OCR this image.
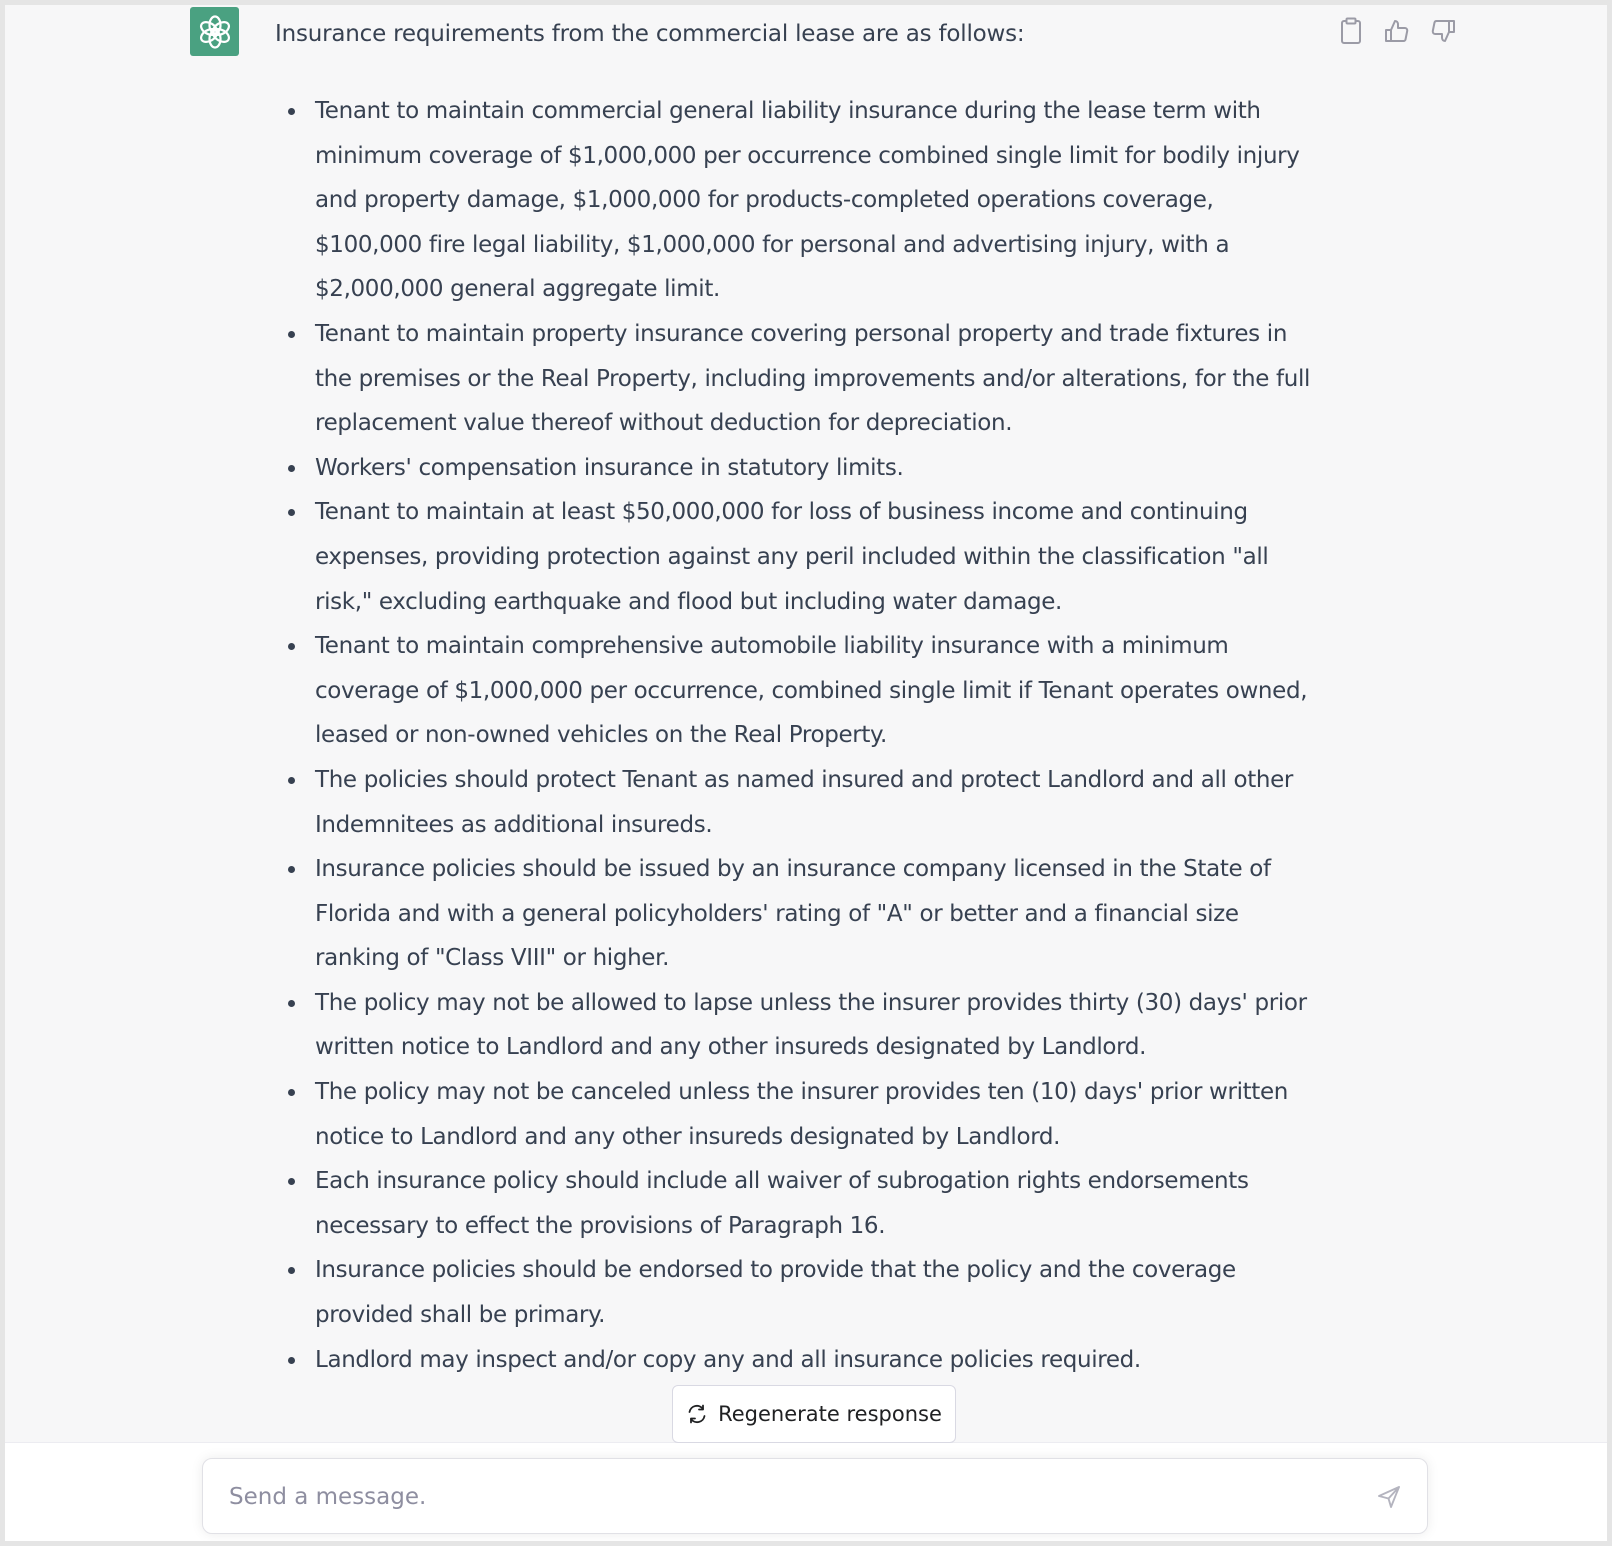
Insurance requirements from the commercial lease are as follows:

Tenant to maintain commercial general liability insurance during the lease term with minimum coverage of $1,000,000 per occurrence combined single limit for bodily injury and property damage, $1,000,000 for products-completed operations coverage, $100,000 fire legal liability, $1,000,000 for personal and advertising injury, with a $2,000,000 general aggregate limit.
Tenant to maintain property insurance covering personal property and trade fixtures in the premises or the Real Property, including improvements and/or alterations, for the full replacement value thereof without deduction for depreciation.
Workers' compensation insurance in statutory limits.
Tenant to maintain at least $50,000,000 for loss of business income and continuing expenses, providing protection against any peril included within the classification "all risk," excluding earthquake and flood but including water damage.
Tenant to maintain comprehensive automobile liability insurance with a minimum coverage of $1,000,000 per occurrence, combined single limit if Tenant operates owned, leased or non-owned vehicles on the Real Property.
The policies should protect Tenant as named insured and protect Landlord and all other Indemnitees as additional insureds.
Insurance policies should be issued by an insurance company licensed in the State of Florida and with a general policyholders' rating of "A" or better and a financial size ranking of "Class VIII" or higher.
The policy may not be allowed to lapse unless the insurer provides thirty (30) days' prior written notice to Landlord and any other insureds designated by Landlord.
The policy may not be canceled unless the insurer provides ten (10) days' prior written notice to Landlord and any other insureds designated by Landlord.
Each insurance policy should include all waiver of subrogation rights endorsements necessary to effect the provisions of Paragraph 16.
Insurance policies should be endorsed to provide that the policy and the coverage provided shall be primary.
Landlord may inspect and/or copy any and all insurance policies required.
Regenerate response
Send a message.
